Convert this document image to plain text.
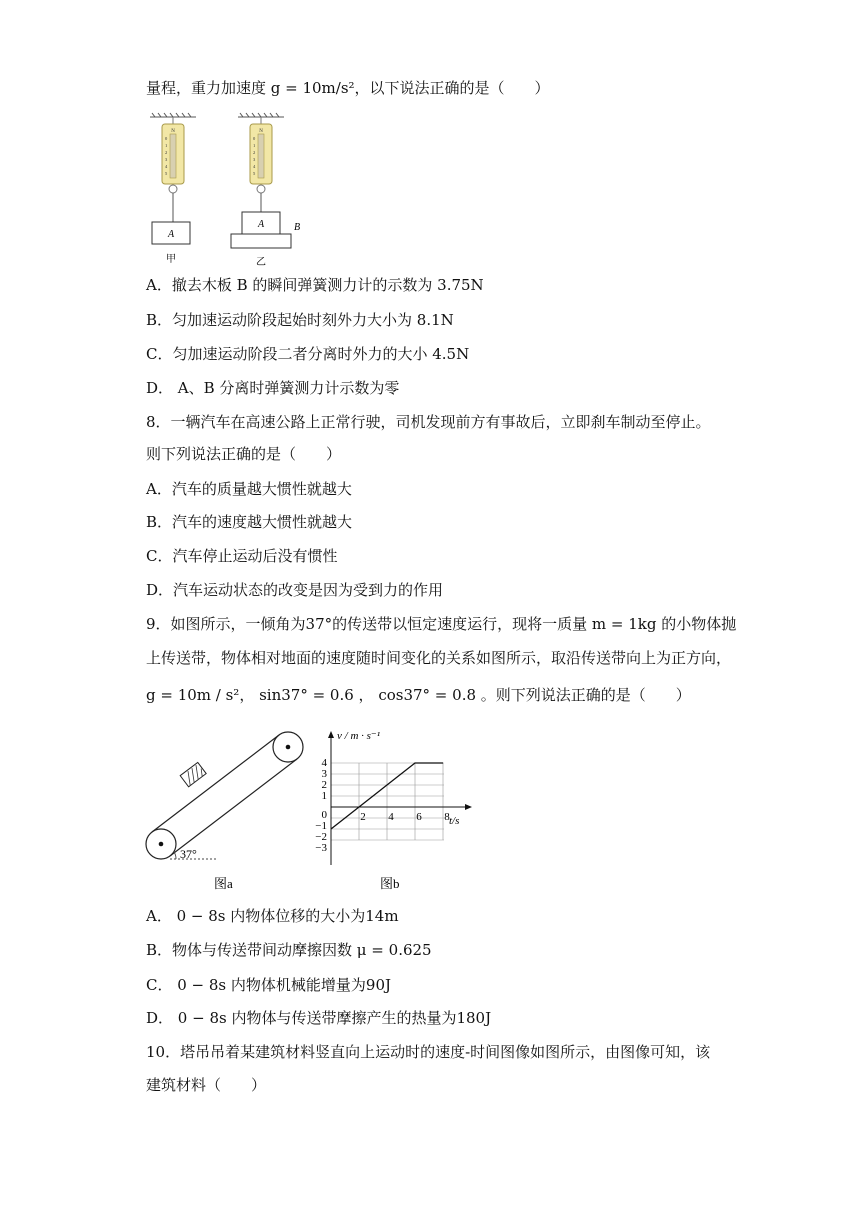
量程，重力加速度 g = 10m/s²，以下说法正确的是（　　）
N
0
1
2
3
4
5
A
甲
N
0
1
2
3
4
5
A	B
乙
A．撤去木板 B 的瞬间弹簧测力计的示数为 3.75N
B．匀加速运动阶段起始时刻外力大小为 8.1N
C．匀加速运动阶段二者分离时外力的大小 4.5N
D． A、B 分离时弹簧测力计示数为零
8．一辆汽车在高速公路上正常行驶，司机发现前方有事故后，立即刹车制动至停止。
则下列说法正确的是（　　）
A．汽车的质量越大惯性就越大
B．汽车的速度越大惯性就越大
C．汽车停止运动后没有惯性
D．汽车运动状态的改变是因为受到力的作用
9．如图所示，一倾角为37°的传送带以恒定速度运行，现将一质量 m = 1kg 的小物体抛
上传送带，物体相对地面的速度随时间变化的关系如图所示，取沿传送带向上为正方向，
g = 10m / s²， sin37° = 0.6 ， cos37° = 0.8 。则下列说法正确的是（　　）
37°
图a
v / m · s⁻¹
t/s
4
3
2
1
0
−1
−2
−3
2 4 6 8
图b
A． 0 − 8s 内物体位移的大小为14m
B．物体与传送带间动摩擦因数 μ = 0.625
C． 0 − 8s 内物体机械能增量为90J
D． 0 − 8s 内物体与传送带摩擦产生的热量为180J
10．塔吊吊着某建筑材料竖直向上运动时的速度-时间图像如图所示，由图像可知，该
建筑材料（　　）
